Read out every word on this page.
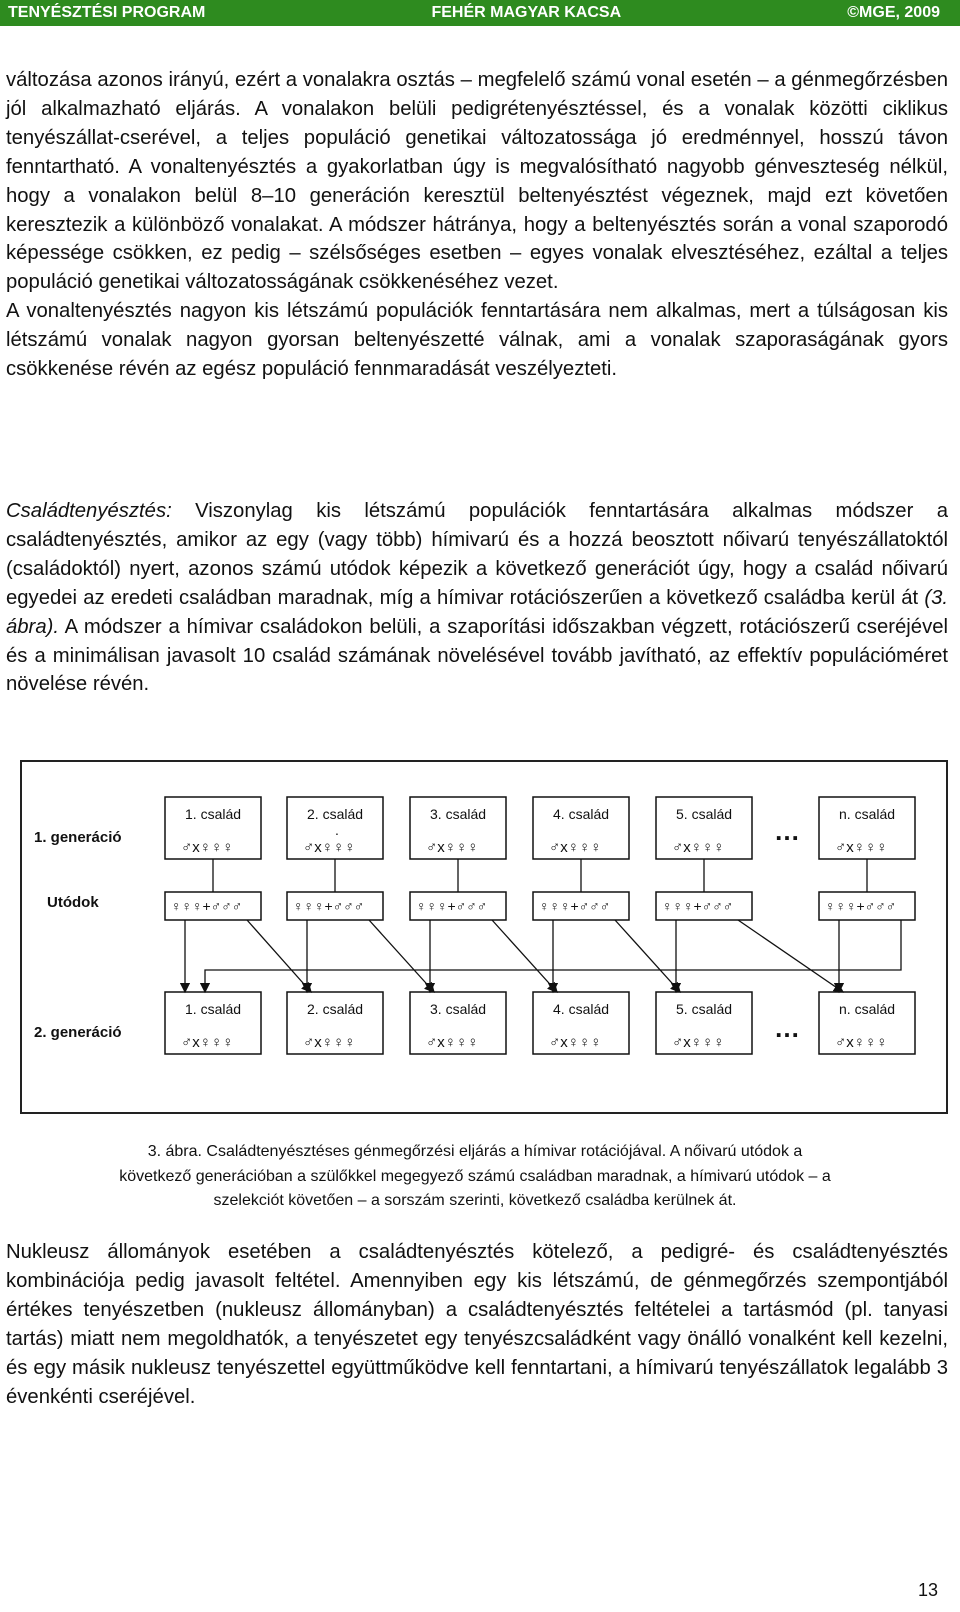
TENYÉSZTÉSI PROGRAM	FEHÉR MAGYAR KACSA	©MGE, 2009

változása azonos irányú, ezért a vonalakra osztás – megfelelő számú vonal esetén – a génmegőrzésben jól alkalmazható eljárás. A vonalakon belüli pedigrétenyésztéssel, és a vonalak közötti ciklikus tenyészállat-cserével, a teljes populáció genetikai változatossága jó eredménnyel, hosszú távon fenntartható. A vonaltenyésztés a gyakorlatban úgy is megvalósítható nagyobb génveszteség nélkül, hogy a vonalakon belül 8–10 generáción keresztül beltenyésztést végeznek, majd ezt követően keresztezik a különböző vonalakat. A módszer hátránya, hogy a beltenyésztés során a vonal szaporodó képessége csökken, ez pedig – szélsőséges esetben – egyes vonalak elvesztéséhez, ezáltal a teljes populáció genetikai változatosságának csökkenéséhez vezet.

A vonaltenyésztés nagyon kis létszámú populációk fenntartására nem alkalmas, mert a túlságosan kis létszámú vonalak nagyon gyorsan beltenyészetté válnak, ami a vonalak szaporaságának gyors csökkenése révén az egész populáció fennmaradását veszélyezteti.

Családtenyésztés: Viszonylag kis létszámú populációk fenntartására alkalmas módszer a családtenyésztés, amikor az egy (vagy több) hímivarú és a hozzá beosztott nőivarú tenyészállatoktól (családoktól) nyert, azonos számú utódok képezik a következő generációt úgy, hogy a család nőivarú egyedei az eredeti családban maradnak, míg a hímivar rotációszerűen a következő családba kerül át (3. ábra). A módszer a hímivar családokon belüli, a szaporítási időszakban végzett, rotációszerű cseréjével és a minimálisan javasolt 10 család számának növelésével tovább javítható, az effektív populációméret növelése révén.

1. generáció
Utódok
2. generáció
1. család
♂x♀♀♀
♀♀♀+♂♂♂
1. család
♂x♀♀♀
2. család
♂x♀♀♀
♀♀♀+♂♂♂
2. család
♂x♀♀♀
3. család
♂x♀♀♀
♀♀♀+♂♂♂
3. család
♂x♀♀♀
4. család
♂x♀♀♀
♀♀♀+♂♂♂
4. család
♂x♀♀♀
5. család
♂x♀♀♀
♀♀♀+♂♂♂
5. család
♂x♀♀♀
n. család
♂x♀♀♀
♀♀♀+♂♂♂
n. család
♂x♀♀♀
…
…
.
3. ábra. Családtenyésztéses génmegőrzési eljárás a hímivar rotációjával. A nőivarú utódok a
következő generációban a szülőkkel megegyező számú családban maradnak, a hímivarú utódok – a
szelekciót követően – a sorszám szerinti, következő családba kerülnek át.

Nukleusz állományok esetében a családtenyésztés kötelező, a pedigré- és családtenyésztés kombinációja pedig javasolt feltétel. Amennyiben egy kis létszámú, de génmegőrzés szempontjából értékes tenyészetben (nukleusz állományban) a családtenyésztés feltételei a tartásmód (pl. tanyasi tartás) miatt nem megoldhatók, a tenyészetet egy tenyészcsaládként vagy önálló vonalként kell kezelni, és egy másik nukleusz tenyészettel együttműködve kell fenntartani, a hímivarú tenyészállatok legalább 3 évenkénti cseréjével.

13
